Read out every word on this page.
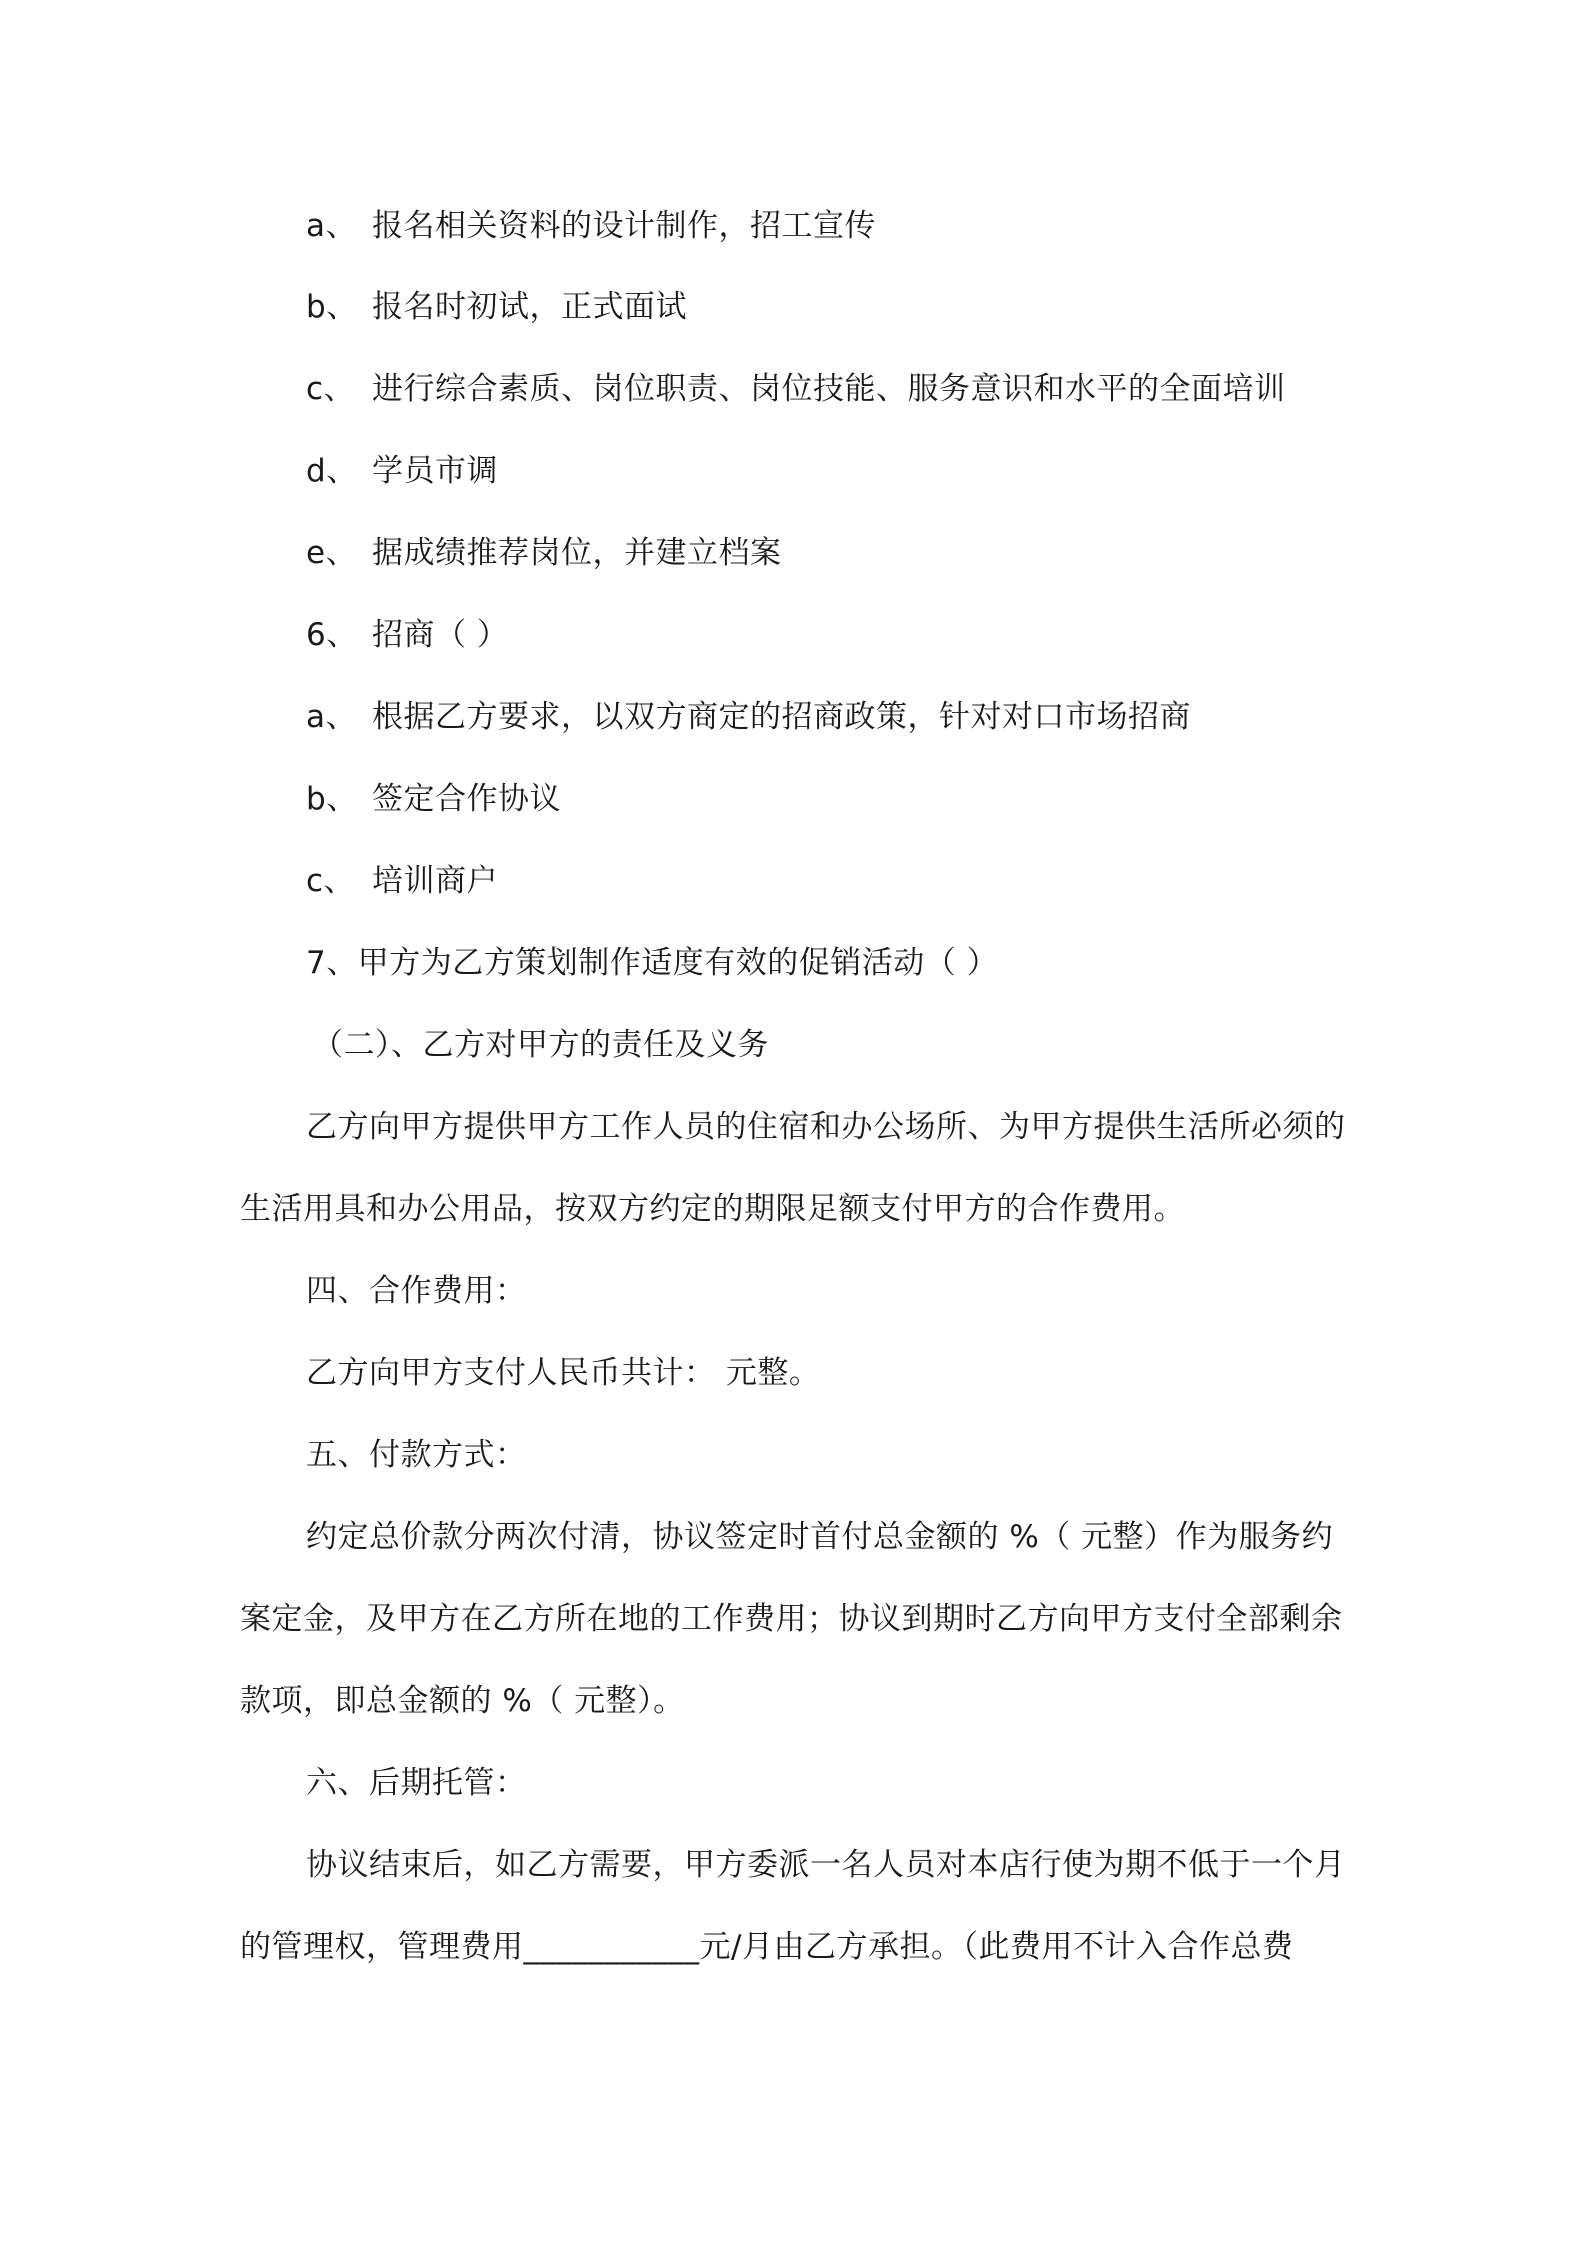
a、 报名相关资料的设计制作，招工宣传
b、 报名时初试，正式面试
c、 进行综合素质、岗位职责、岗位技能、服务意识和水平的全面培训
d、 学员市调
e、 据成绩推荐岗位，并建立档案
6、 招商（ ）
a、 根据乙方要求，以双方商定的招商政策，针对对口市场招商
b、 签定合作协议
c、 培训商户
7、甲方为乙方策划制作适度有效的促销活动（ ）
（二）、乙方对甲方的责任及义务
乙方向甲方提供甲方工作人员的住宿和办公场所、为甲方提供生活所必须的
生活用具和办公用品，按双方约定的期限足额支付甲方的合作费用。
四、合作费用：
乙方向甲方支付人民币共计： 元整。
五、付款方式：
约定总价款分两次付清，协议签定时首付总金额的 %（ 元整）作为服务约
案定金，及甲方在乙方所在地的工作费用；协议到期时乙方向甲方支付全部剩余
款项，即总金额的 %（ 元整）。
六、后期托管：
协议结束后，如乙方需要，甲方委派一名人员对本店行使为期不低于一个月
的管理权，管理费用___________元/月由乙方承担。（此费用不计入合作总费
